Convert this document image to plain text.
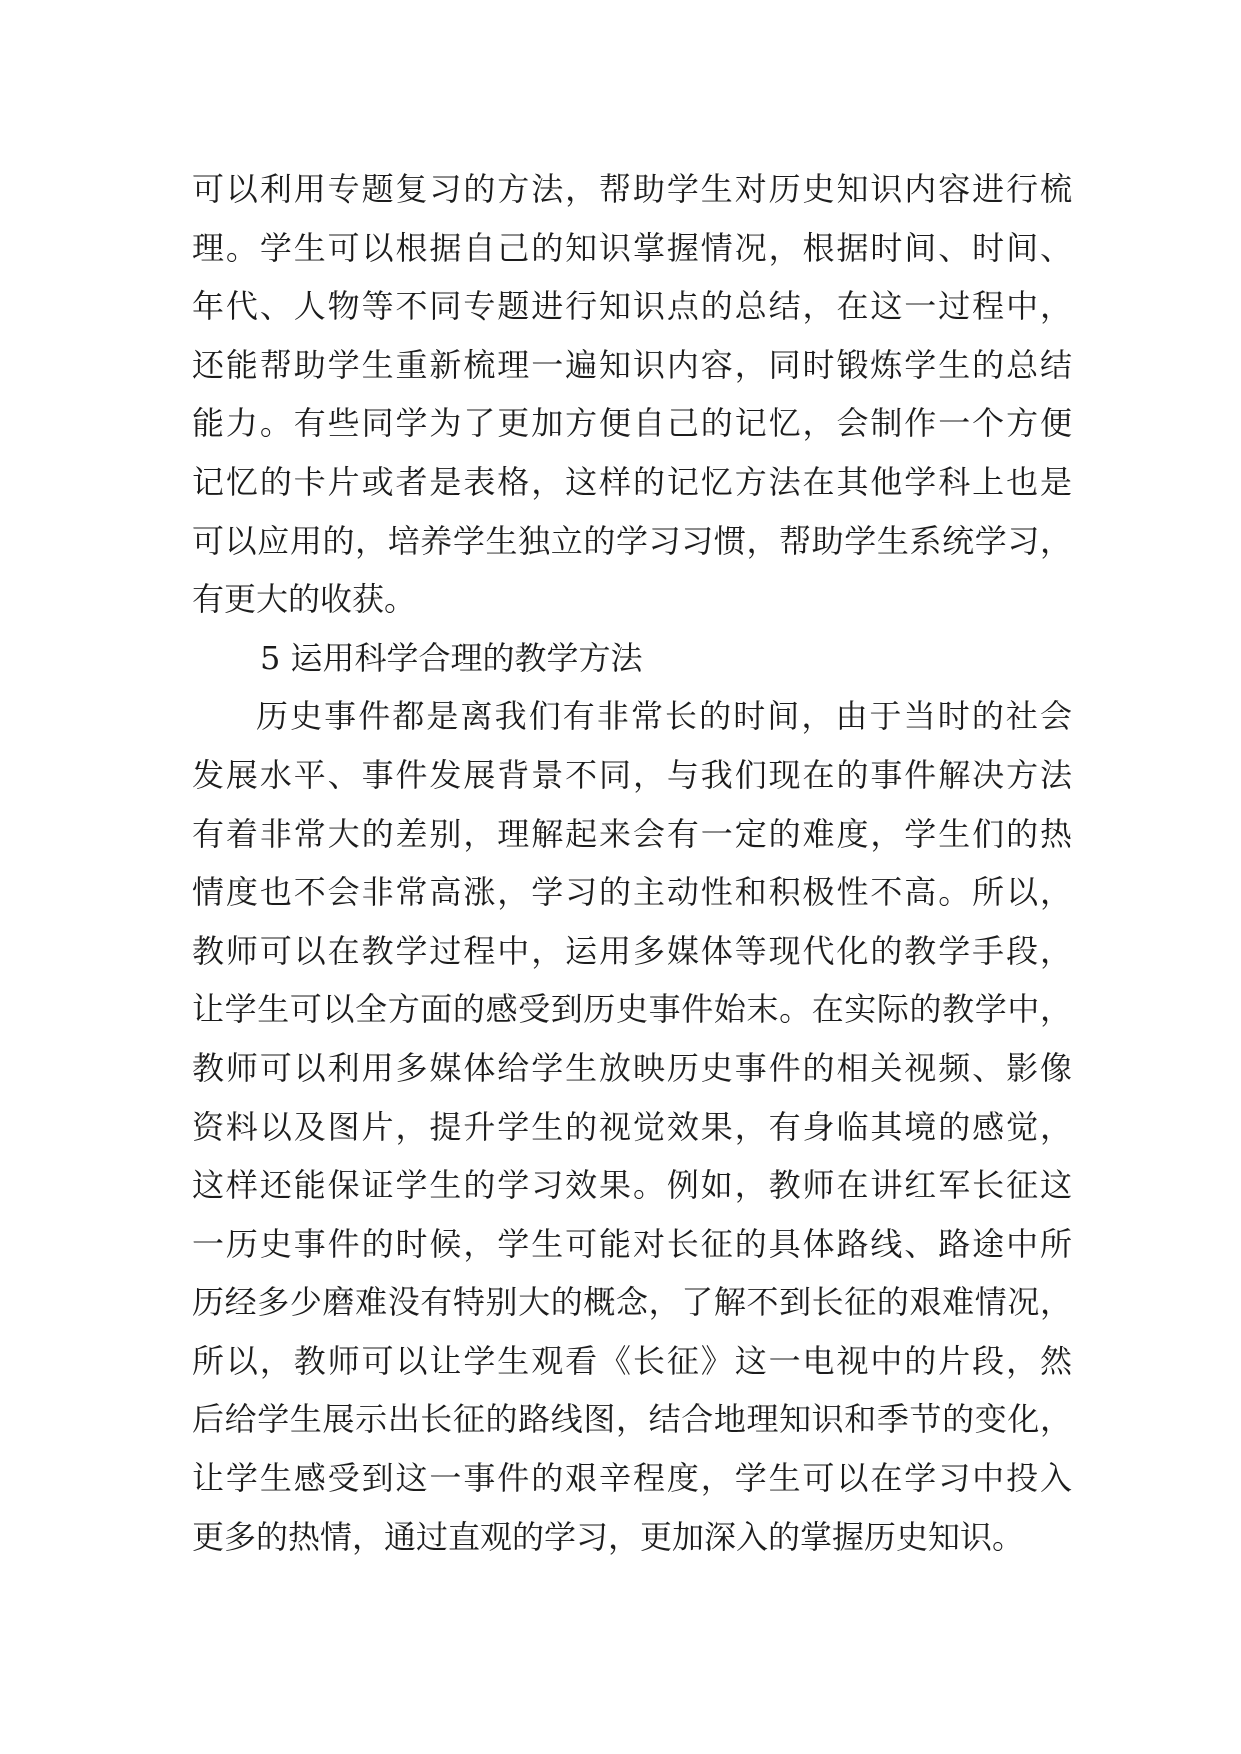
可以利用专题复习的方法，帮助学生对历史知识内容进行梳
理。学生可以根据自己的知识掌握情况，根据时间、时间、
年代、人物等不同专题进行知识点的总结，在这一过程中，
还能帮助学生重新梳理一遍知识内容，同时锻炼学生的总结
能力。有些同学为了更加方便自己的记忆，会制作一个方便
记忆的卡片或者是表格，这样的记忆方法在其他学科上也是
可以应用的，培养学生独立的学习习惯，帮助学生系统学习，
有更大的收获。
5 运用科学合理的教学方法
历史事件都是离我们有非常长的时间，由于当时的社会
发展水平、事件发展背景不同，与我们现在的事件解决方法
有着非常大的差别，理解起来会有一定的难度，学生们的热
情度也不会非常高涨，学习的主动性和积极性不高。所以，
教师可以在教学过程中，运用多媒体等现代化的教学手段，
让学生可以全方面的感受到历史事件始末。在实际的教学中，
教师可以利用多媒体给学生放映历史事件的相关视频、影像
资料以及图片，提升学生的视觉效果，有身临其境的感觉，
这样还能保证学生的学习效果。例如，教师在讲红军长征这
一历史事件的时候，学生可能对长征的具体路线、路途中所
历经多少磨难没有特别大的概念，了解不到长征的艰难情况，
所以，教师可以让学生观看《长征》这一电视中的片段，然
后给学生展示出长征的路线图，结合地理知识和季节的变化，
让学生感受到这一事件的艰辛程度，学生可以在学习中投入
更多的热情，通过直观的学习，更加深入的掌握历史知识。
